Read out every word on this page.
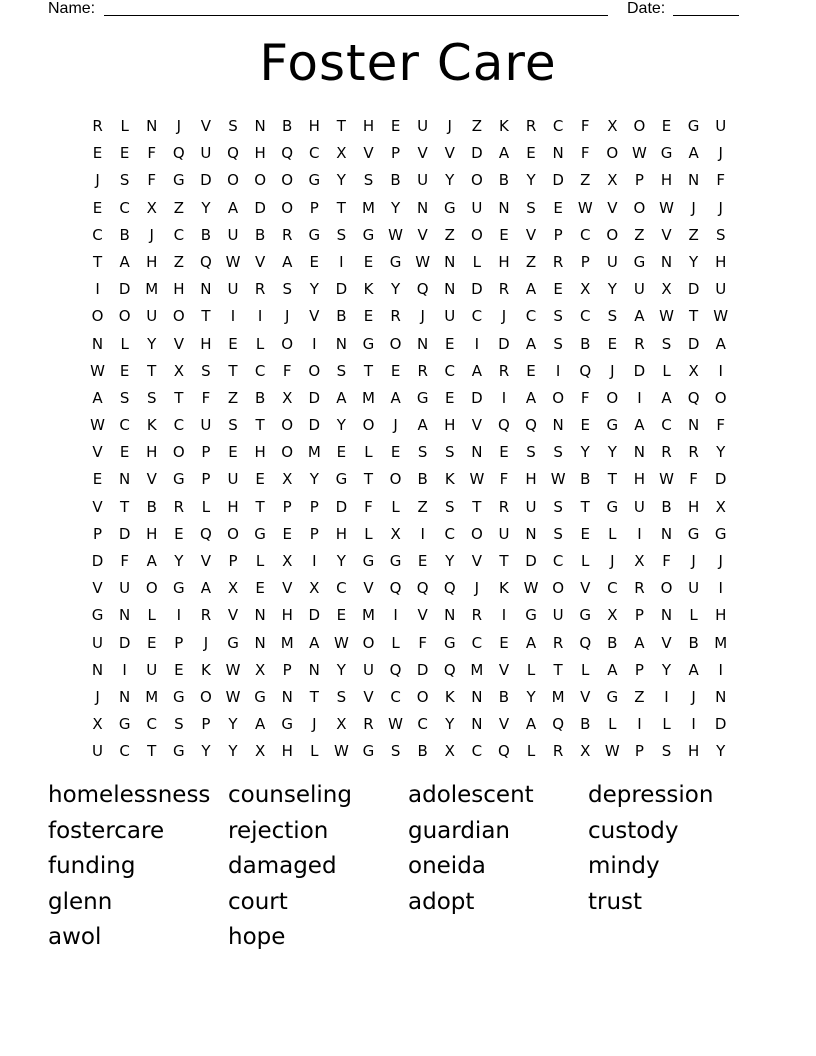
Name:	Date:
Foster Care
R	L	N	J	V	S	N	B	H	T	H	E	U	J	Z	K	R	C	F	X	O	E	G	U
E	E	F	Q	U	Q	H	Q	C	X	V	P	V	V	D	A	E	N	F	O W G	A	J
J	S	F	G	D	O	O	O	G	Y	S	B	U	Y	O	B	Y	D	Z	X	P	H	N	F
E	C	X	Z	Y	A	D	O	P	T	M	Y	N	G	U	N	S	E W V	O W	J	J
C	B	J	C	B	U	B	R	G	S	G W V	Z	O	E	V	P	C	O	Z	V	Z	S
T	A	H	Z	Q W V	A	E	I	E	G W N	L	H	Z	R	P	U	G	N	Y	H
I	D M H	N	U	R	S	Y	D	K	Y	Q	N	D	R	A	E	X	Y	U	X	D	U
O	O	U	O	T	I	I	J	V	B	E	R	J	U	C	J	C	S	C	S	A W	T	W
N	L	Y	V	H	E	L	O	I	N	G	O	N	E	I	D	A	S	B	E	R	S	D	A
W E	T	X	S	T	C	F	O	S	T	E	R	C	A	R	E	I	Q	J	D	L	X	I
A	S	S	T	F	Z	B	X	D	A	M	A	G	E	D	I	A	O	F	O	I	A	Q	O
W C	K	C	U	S	T	O	D	Y	O	J	A	H	V	Q	Q	N	E	G	A	C	N	F
V	E	H	O	P	E	H	O M	E	L	E	S	S	N	E	S	S	Y	Y	N	R	R	Y
E	N	V	G	P	U	E	X	Y	G	T	O	B	K W	F	H W B	T	H W	F	D
V	T	B	R	L	H	T	P	P	D	F	L	Z	S	T	R	U	S	T	G	U	B	H	X
P	D	H	E	Q	O	G	E	P	H	L	X	I	C	O	U	N	S	E	L	I	N	G	G
D	F	A	Y	V	P	L	X	I	Y	G	G	E	Y	V	T	D	C	L	J	X	F	J	J
V	U	O	G	A	X	E	V	X	C	V	Q	Q	Q	J	K W O	V	C	R	O	U	I
G	N	L	I	R	V	N	H	D	E	M	I	V	N	R	I	G	U	G	X	P	N	L	H
U	D	E	P	J	G	N	M	A W O	L	F	G	C	E	A	R	Q	B	A	V	B	M
N	I	U	E	K W X	P	N	Y	U	Q	D	Q M	V	L	T	L	A	P	Y	A	I
J	N	M G	O W G	N	T	S	V	C	O	K	N	B	Y	M	V	G	Z	I	J	N
X	G	C	S	P	Y	A	G	J	X	R W C	Y	N	V	A	Q	B	L	I	L	I	D
U	C	T	G	Y	Y	X	H	L	W G	S	B	X	C	Q	L	R	X W	P	S	H	Y
homelessness counseling	adolescent	depression
fostercare	rejection	guardian	custody
funding	damaged	oneida	mindy
glenn	court	adopt	trust
awol	hope
